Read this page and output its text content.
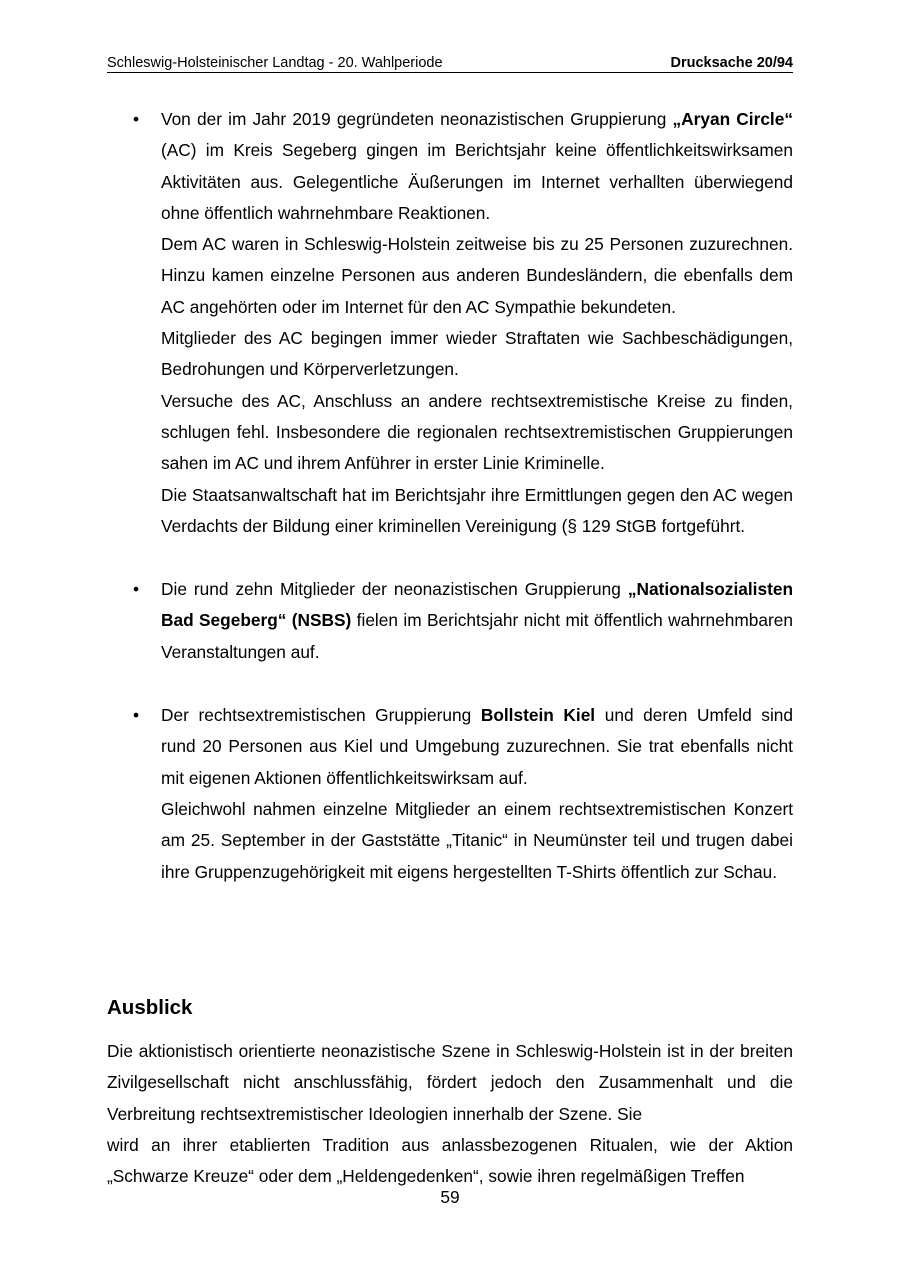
Schleswig-Holsteinischer Landtag - 20. Wahlperiode	Drucksache 20/94
• Von der im Jahr 2019 gegründeten neonazistischen Gruppierung „Aryan Circle“ (AC) im Kreis Segeberg gingen im Berichtsjahr keine öffentlichkeitswirksamen Aktivitäten aus. Gelegentliche Äußerungen im Internet verhallten überwiegend ohne öffentlich wahrnehmbare Reaktionen.

Dem AC waren in Schleswig-Holstein zeitweise bis zu 25 Personen zuzurechnen. Hinzu kamen einzelne Personen aus anderen Bundesländern, die ebenfalls dem AC angehörten oder im Internet für den AC Sympathie bekundeten.

Mitglieder des AC begingen immer wieder Straftaten wie Sachbeschädigungen, Bedrohungen und Körperverletzungen.

Versuche des AC, Anschluss an andere rechtsextremistische Kreise zu finden, schlugen fehl. Insbesondere die regionalen rechtsextremistischen Gruppierungen sahen im AC und ihrem Anführer in erster Linie Kriminelle.

Die Staatsanwaltschaft hat im Berichtsjahr ihre Ermittlungen gegen den AC wegen Verdachts der Bildung einer kriminellen Vereinigung (§ 129 StGB fortgeführt.

• Die rund zehn Mitglieder der neonazistischen Gruppierung „Nationalsozialisten Bad Segeberg“ (NSBS) fielen im Berichtsjahr nicht mit öffentlich wahrnehmbaren Veranstaltungen auf.

• Der rechtsextremistischen Gruppierung Bollstein Kiel und deren Umfeld sind rund 20 Personen aus Kiel und Umgebung zuzurechnen. Sie trat ebenfalls nicht mit eigenen Aktionen öffentlichkeitswirksam auf.

Gleichwohl nahmen einzelne Mitglieder an einem rechtsextremistischen Konzert am 25. September in der Gaststätte „Titanic“ in Neumünster teil und trugen dabei ihre Gruppenzugehörigkeit mit eigens hergestellten T-Shirts öffentlich zur Schau.

Ausblick

Die aktionistisch orientierte neonazistische Szene in Schleswig-Holstein ist in der breiten Zivilgesellschaft nicht anschlussfähig, fördert jedoch den Zusammenhalt und die Verbreitung rechtsextremistischer Ideologien innerhalb der Szene. Sie

wird an ihrer etablierten Tradition aus anlassbezogenen Ritualen, wie der Aktion „Schwarze Kreuze“ oder dem „Heldengedenken“, sowie ihren regelmäßigen Treffen

59
